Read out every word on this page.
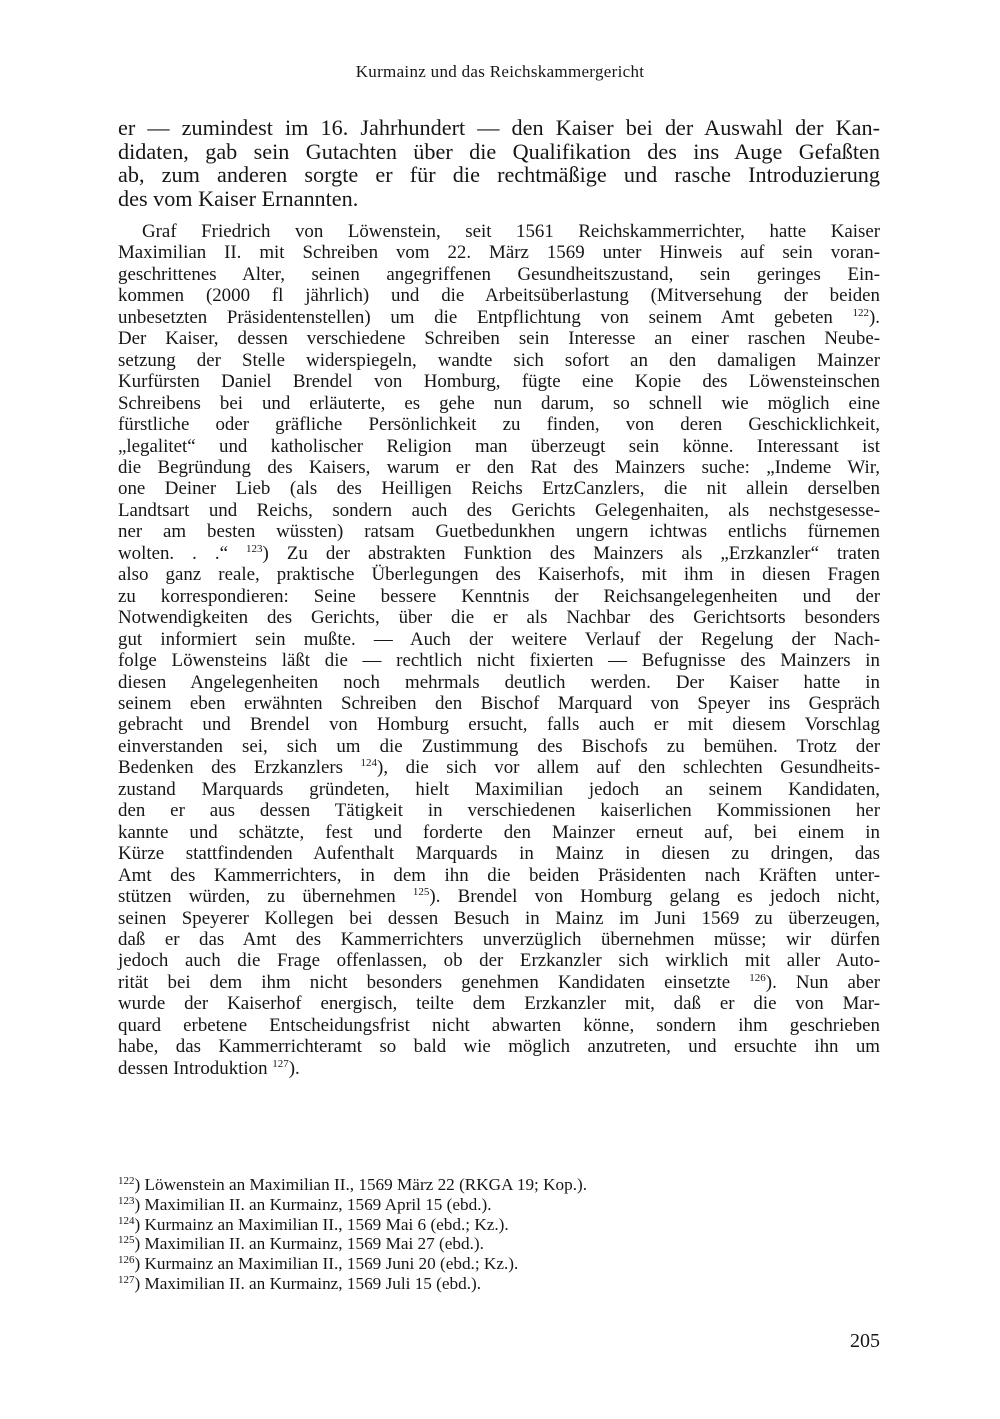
Kurmainz und das Reichskammergericht
er — zumindest im 16. Jahrhundert — den Kaiser bei der Auswahl der Kan-
didaten, gab sein Gutachten über die Qualifikation des ins Auge Gefaßten
ab, zum anderen sorgte er für die rechtmäßige und rasche Introduzierung
des vom Kaiser Ernannten.
Graf Friedrich von Löwenstein, seit 1561 Reichskammerrichter, hatte Kaiser
Maximilian II. mit Schreiben vom 22. März 1569 unter Hinweis auf sein voran-
geschrittenes Alter, seinen angegriffenen Gesundheitszustand, sein geringes Ein-
kommen (2000 fl jährlich) und die Arbeitsüberlastung (Mitversehung der beiden
unbesetzten Präsidentenstellen) um die Entpflichtung von seinem Amt gebeten $^{122}$).
Der Kaiser, dessen verschiedene Schreiben sein Interesse an einer raschen Neube-
setzung der Stelle widerspiegeln, wandte sich sofort an den damaligen Mainzer
Kurfürsten Daniel Brendel von Homburg, fügte eine Kopie des Löwensteinschen
Schreibens bei und erläuterte, es gehe nun darum, so schnell wie möglich eine
fürstliche oder gräfliche Persönlichkeit zu finden, von deren Geschicklichkeit,
„legalitet“ und katholischer Religion man überzeugt sein könne. Interessant ist
die Begründung des Kaisers, warum er den Rat des Mainzers suche: „Indeme Wir,
one Deiner Lieb (als des Heilligen Reichs ErtzCanzlers, die nit allein derselben
Landtsart und Reichs, sondern auch des Gerichts Gelegenhaiten, als nechstgesesse-
ner am besten wüssten) ratsam Guetbedunkhen ungern ichtwas entlichs fürnemen
wolten. . .“ $^{123}$) Zu der abstrakten Funktion des Mainzers als „Erzkanzler“ traten
also ganz reale, praktische Überlegungen des Kaiserhofs, mit ihm in diesen Fragen
zu korrespondieren: Seine bessere Kenntnis der Reichsangelegenheiten und der
Notwendigkeiten des Gerichts, über die er als Nachbar des Gerichtsorts besonders
gut informiert sein mußte. — Auch der weitere Verlauf der Regelung der Nach-
folge Löwensteins läßt die — rechtlich nicht fixierten — Befugnisse des Mainzers in
diesen Angelegenheiten noch mehrmals deutlich werden. Der Kaiser hatte in
seinem eben erwähnten Schreiben den Bischof Marquard von Speyer ins Gespräch
gebracht und Brendel von Homburg ersucht, falls auch er mit diesem Vorschlag
einverstanden sei, sich um die Zustimmung des Bischofs zu bemühen. Trotz der
Bedenken des Erzkanzlers $^{124}$), die sich vor allem auf den schlechten Gesundheits-
zustand Marquards gründeten, hielt Maximilian jedoch an seinem Kandidaten,
den er aus dessen Tätigkeit in verschiedenen kaiserlichen Kommissionen her
kannte und schätzte, fest und forderte den Mainzer erneut auf, bei einem in
Kürze stattfindenden Aufenthalt Marquards in Mainz in diesen zu dringen, das
Amt des Kammerrichters, in dem ihn die beiden Präsidenten nach Kräften unter-
stützen würden, zu übernehmen $^{125}$). Brendel von Homburg gelang es jedoch nicht,
seinen Speyerer Kollegen bei dessen Besuch in Mainz im Juni 1569 zu überzeugen,
daß er das Amt des Kammerrichters unverzüglich übernehmen müsse; wir dürfen
jedoch auch die Frage offenlassen, ob der Erzkanzler sich wirklich mit aller Auto-
rität bei dem ihm nicht besonders genehmen Kandidaten einsetzte $^{126}$). Nun aber
wurde der Kaiserhof energisch, teilte dem Erzkanzler mit, daß er die von Mar-
quard erbetene Entscheidungsfrist nicht abwarten könne, sondern ihm geschrieben
habe, das Kammerrichteramt so bald wie möglich anzutreten, und ersuchte ihn um
dessen Introduktion $^{127}$).
$^{122}$) Löwenstein an Maximilian II., 1569 März 22 (RKGA 19; Kop.).
$^{123}$) Maximilian II. an Kurmainz, 1569 April 15 (ebd.).
$^{124}$) Kurmainz an Maximilian II., 1569 Mai 6 (ebd.; Kz.).
$^{125}$) Maximilian II. an Kurmainz, 1569 Mai 27 (ebd.).
$^{126}$) Kurmainz an Maximilian II., 1569 Juni 20 (ebd.; Kz.).
$^{127}$) Maximilian II. an Kurmainz, 1569 Juli 15 (ebd.).
205
